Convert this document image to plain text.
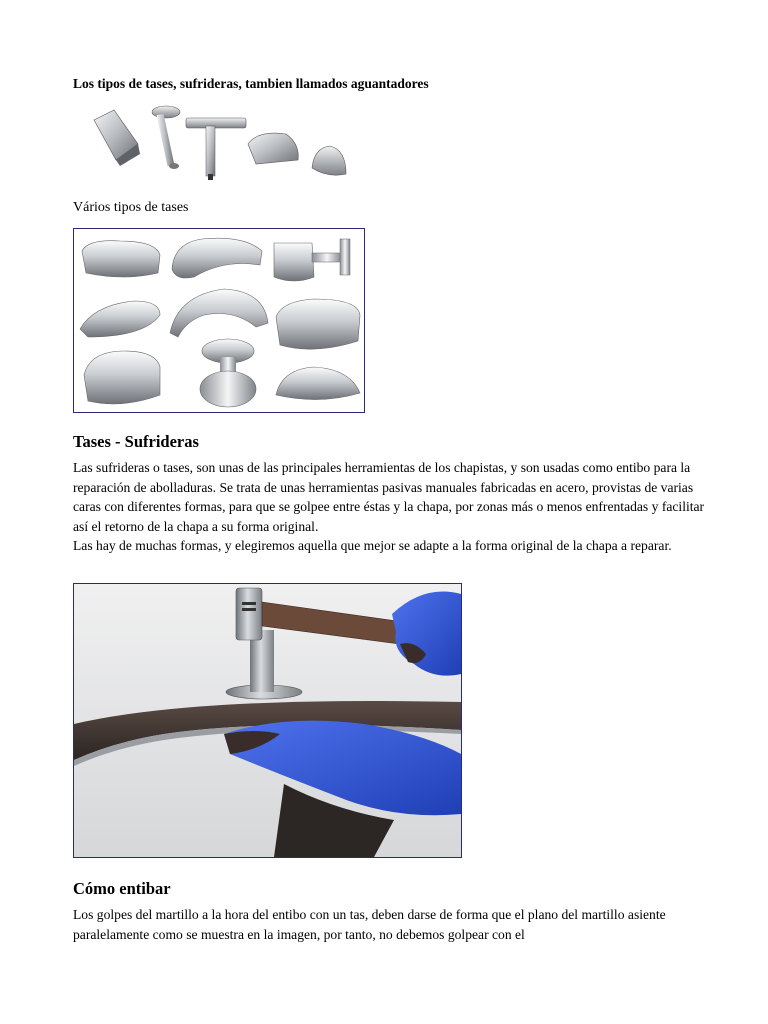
Los tipos de tases, sufrideras, tambien llamados aguantadores
Vários tipos de tases
Tases - Sufrideras

Las sufrideras o tases, son unas de las principales herramientas de los chapistas, y son usadas como entibo para la reparación de abolladuras. Se trata de unas herramientas pasivas manuales fabricadas en acero, provistas de varias caras con diferentes formas, para que se golpee entre éstas y la chapa, por zonas más o menos enfrentadas y facilitar así el retorno de la chapa a su forma original.

Las hay de muchas formas, y elegiremos aquella que mejor se adapte a la forma original de la chapa a reparar.

Cómo entibar

Los golpes del martillo a la hora del entibo con un tas, deben darse de forma que el plano del martillo asiente paralelamente como se muestra en la imagen, por tanto, no debemos golpear con el
